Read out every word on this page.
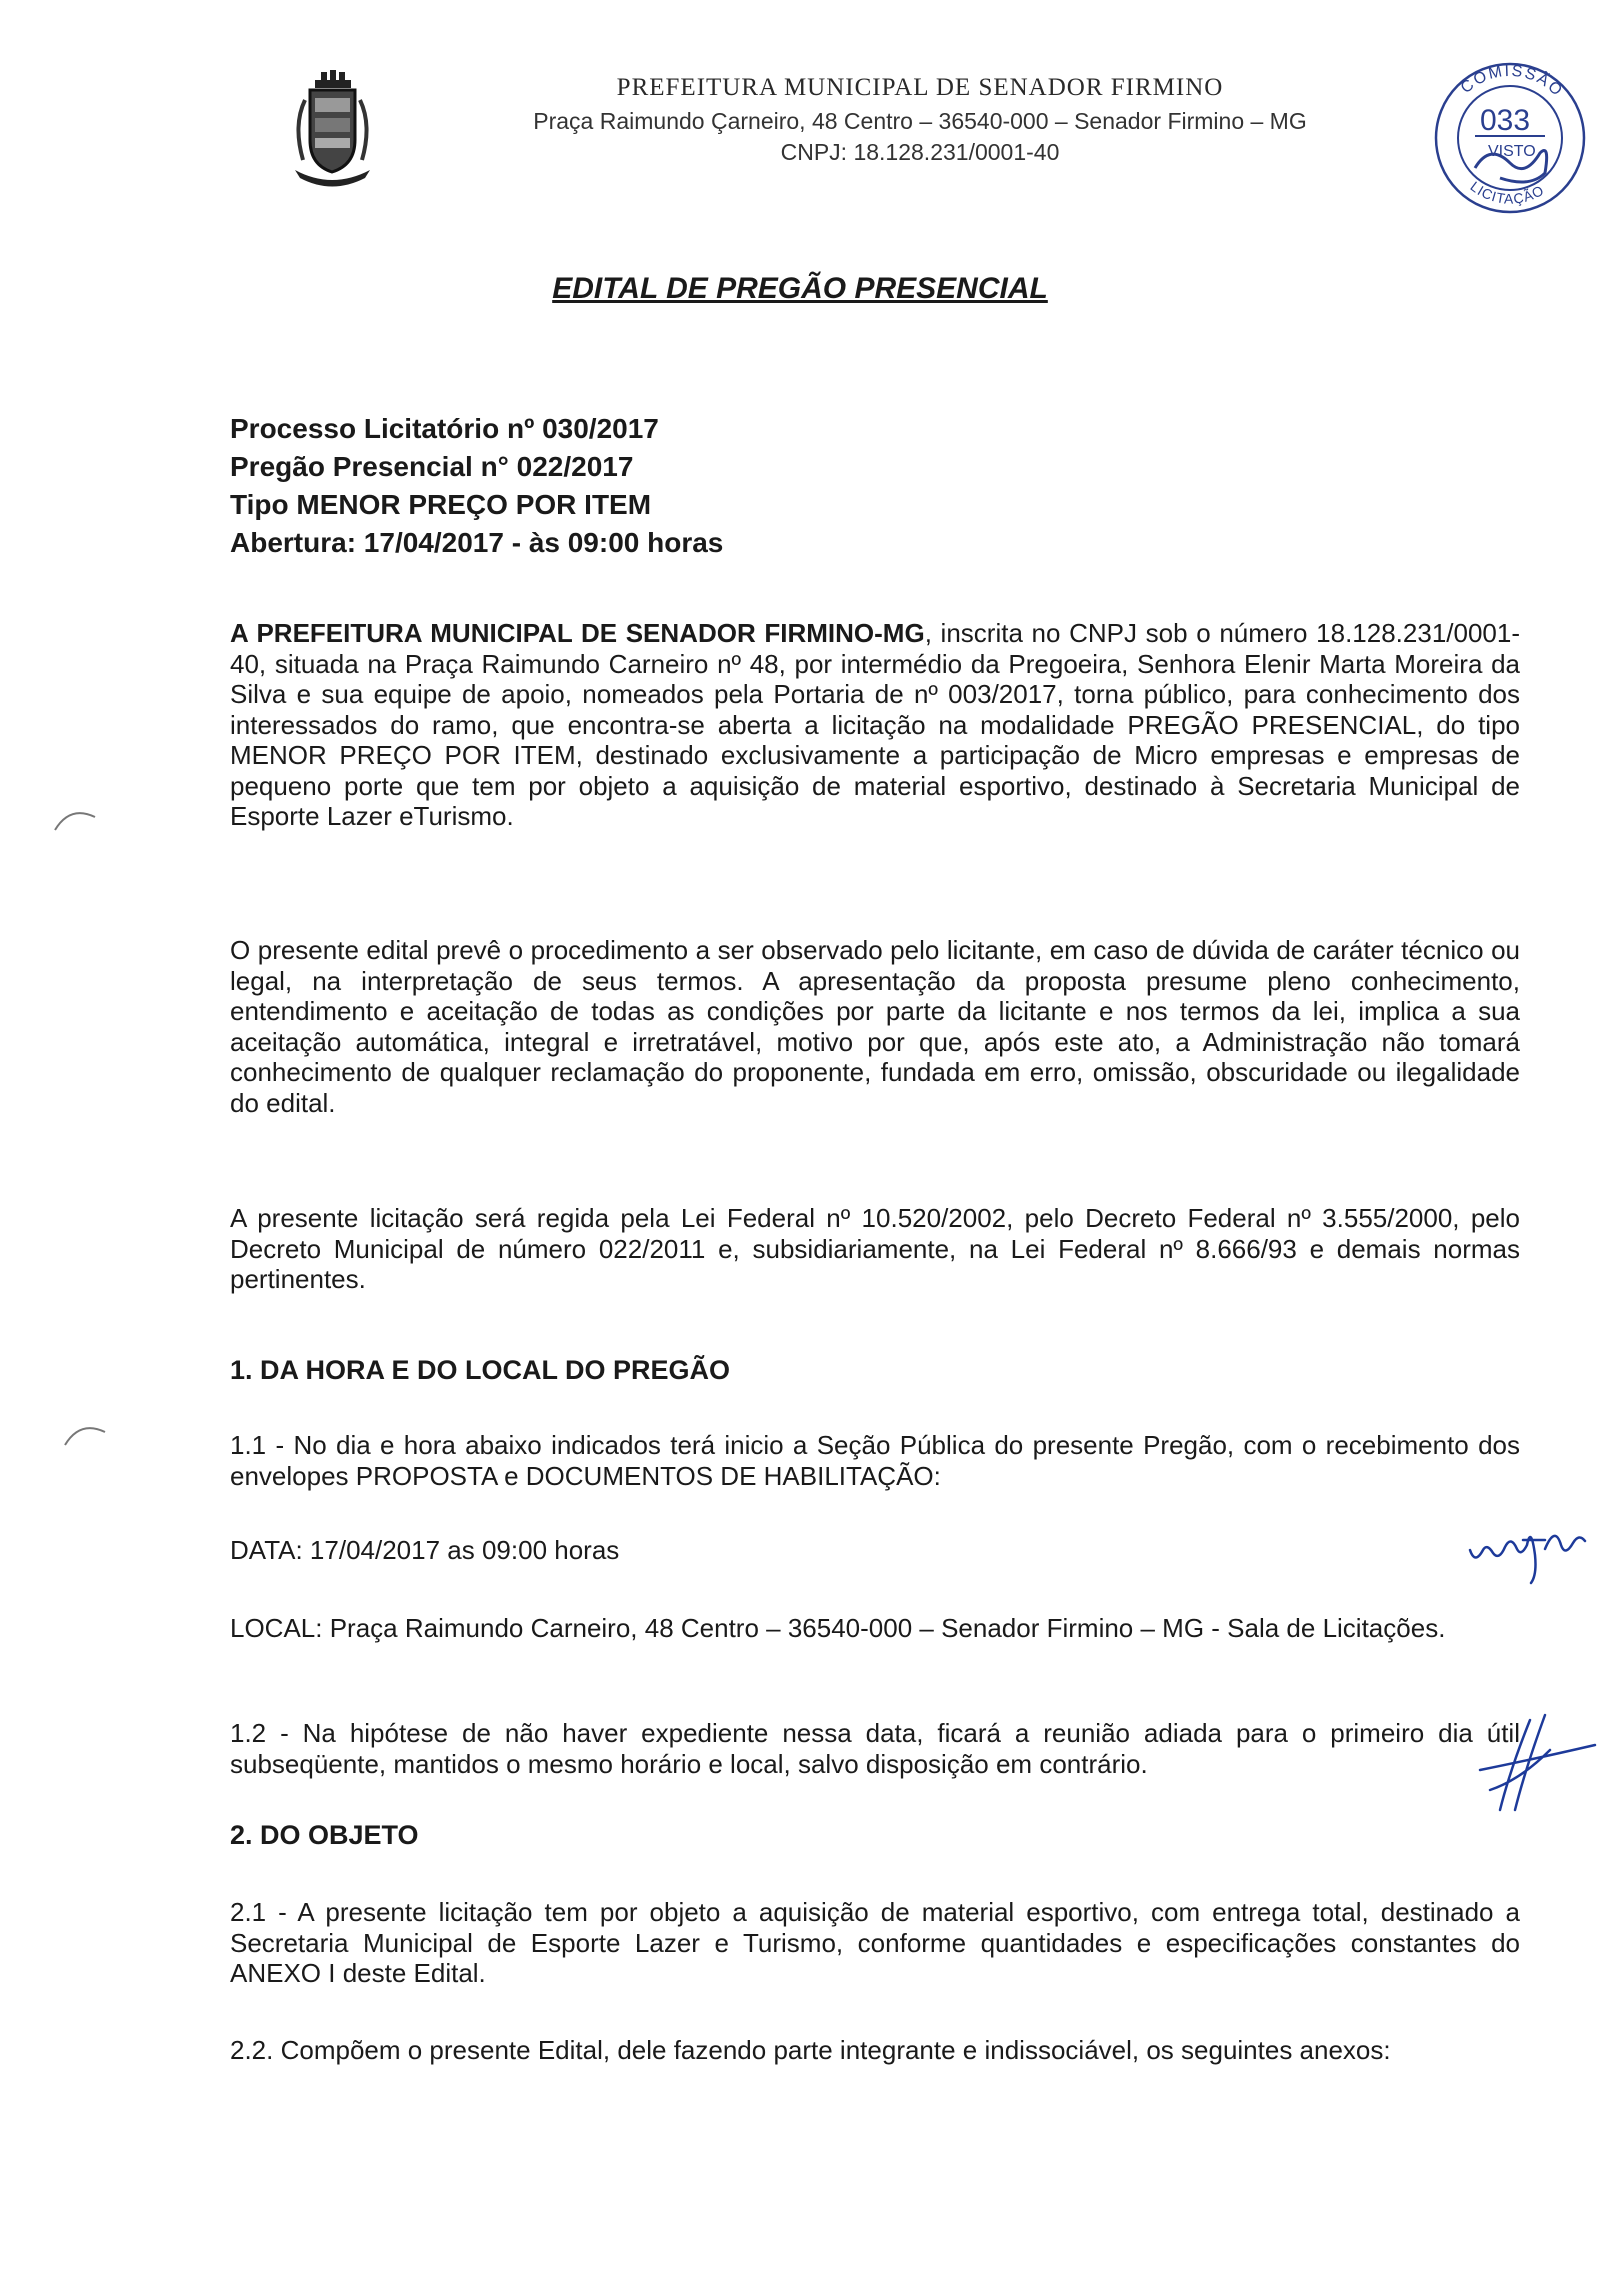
PREFEITURA MUNICIPAL DE SENADOR FIRMINO
Praça Raimundo Çarneiro, 48 Centro – 36540-000 – Senador Firmino – MG
CNPJ: 18.128.231/0001-40
COMISSÃO
033
VISTO
LICITAÇÃO
EDITAL DE PREGÃO PRESENCIAL
Processo Licitatório nº 030/2017
Pregão Presencial n° 022/2017
Tipo MENOR PREÇO POR ITEM
Abertura: 17/04/2017 - às 09:00 horas
A PREFEITURA MUNICIPAL DE SENADOR FIRMINO-MG, inscrita no CNPJ sob o número 18.128.231/0001-40, situada na Praça Raimundo Carneiro nº 48, por intermédio da Pregoeira, Senhora Elenir Marta Moreira da Silva e sua equipe de apoio, nomeados pela Portaria de nº 003/2017, torna público, para conhecimento dos interessados do ramo, que encontra-se aberta a licitação na modalidade PREGÃO PRESENCIAL, do tipo MENOR PREÇO POR ITEM, destinado exclusivamente a participação de Micro empresas e empresas de pequeno porte que tem por objeto a aquisição de material esportivo, destinado à Secretaria Municipal de Esporte Lazer eTurismo.
O presente edital prevê o procedimento a ser observado pelo licitante, em caso de dúvida de caráter técnico ou legal, na interpretação de seus termos. A apresentação da proposta presume pleno conhecimento, entendimento e aceitação de todas as condições por parte da licitante e nos termos da lei, implica a sua aceitação automática, integral e irretratável, motivo por que, após este ato, a Administração não tomará conhecimento de qualquer reclamação do proponente, fundada em erro, omissão, obscuridade ou ilegalidade do edital.
A presente licitação será regida pela Lei Federal nº 10.520/2002, pelo Decreto Federal nº 3.555/2000, pelo Decreto Municipal de número 022/2011 e, subsidiariamente, na Lei Federal nº 8.666/93 e demais normas pertinentes.
1. DA HORA E DO LOCAL DO PREGÃO
1.1 - No dia e hora abaixo indicados terá inicio a Seção Pública do presente Pregão, com o recebimento dos envelopes PROPOSTA e DOCUMENTOS DE HABILITAÇÃO:
DATA: 17/04/2017 as 09:00 horas
LOCAL: Praça Raimundo Carneiro, 48 Centro – 36540-000 – Senador Firmino – MG - Sala de Licitações.
1.2 - Na hipótese de não haver expediente nessa data, ficará a reunião adiada para o primeiro dia útil subseqüente, mantidos o mesmo horário e local, salvo disposição em contrário.
2. DO OBJETO
2.1 - A presente licitação tem por objeto a aquisição de material esportivo, com entrega total, destinado a Secretaria Municipal de Esporte Lazer e Turismo, conforme quantidades e especificações constantes do ANEXO I deste Edital.
2.2. Compõem o presente Edital, dele fazendo parte integrante e indissociável, os seguintes anexos:
